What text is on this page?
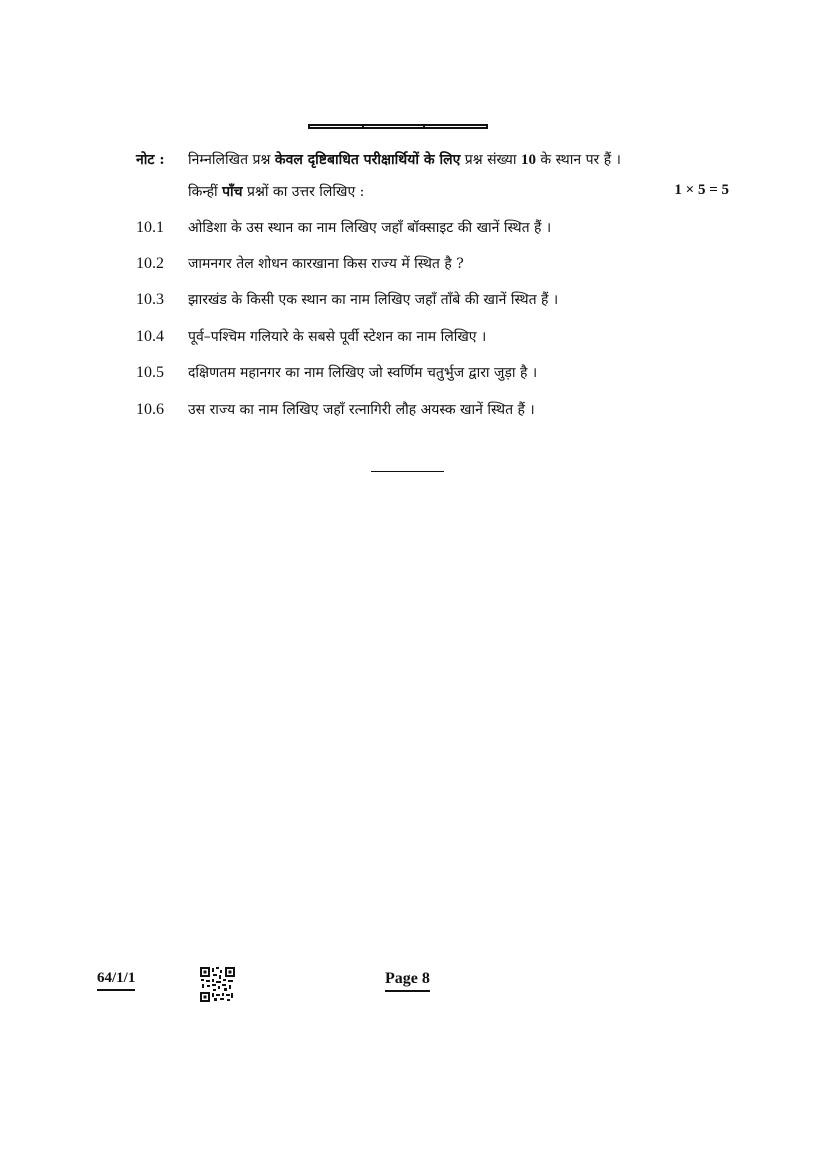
नोट : निम्नलिखित प्रश्न केवल दृष्टिबाधित परीक्षार्थियों के लिए प्रश्न संख्या 10 के स्थान पर हैं ।
किन्हीं पाँच प्रश्नों का उत्तर लिखिए :	1 × 5 = 5
10.1 ओडिशा के उस स्थान का नाम लिखिए जहाँ बॉक्साइट की खानें स्थित हैं ।
10.2 जामनगर तेल शोधन कारखाना किस राज्य में स्थित है ?
10.3 झारखंड के किसी एक स्थान का नाम लिखिए जहाँ ताँबे की खानें स्थित हैं ।
10.4 पूर्व–पश्चिम गलियारे के सबसे पूर्वी स्टेशन का नाम लिखिए ।
10.5 दक्षिणतम महानगर का नाम लिखिए जो स्वर्णिम चतुर्भुज द्वारा जुड़ा है ।
10.6 उस राज्य का नाम लिखिए जहाँ रत्नागिरी लौह अयस्क खानें स्थित हैं ।
64/1/1	Page 8
